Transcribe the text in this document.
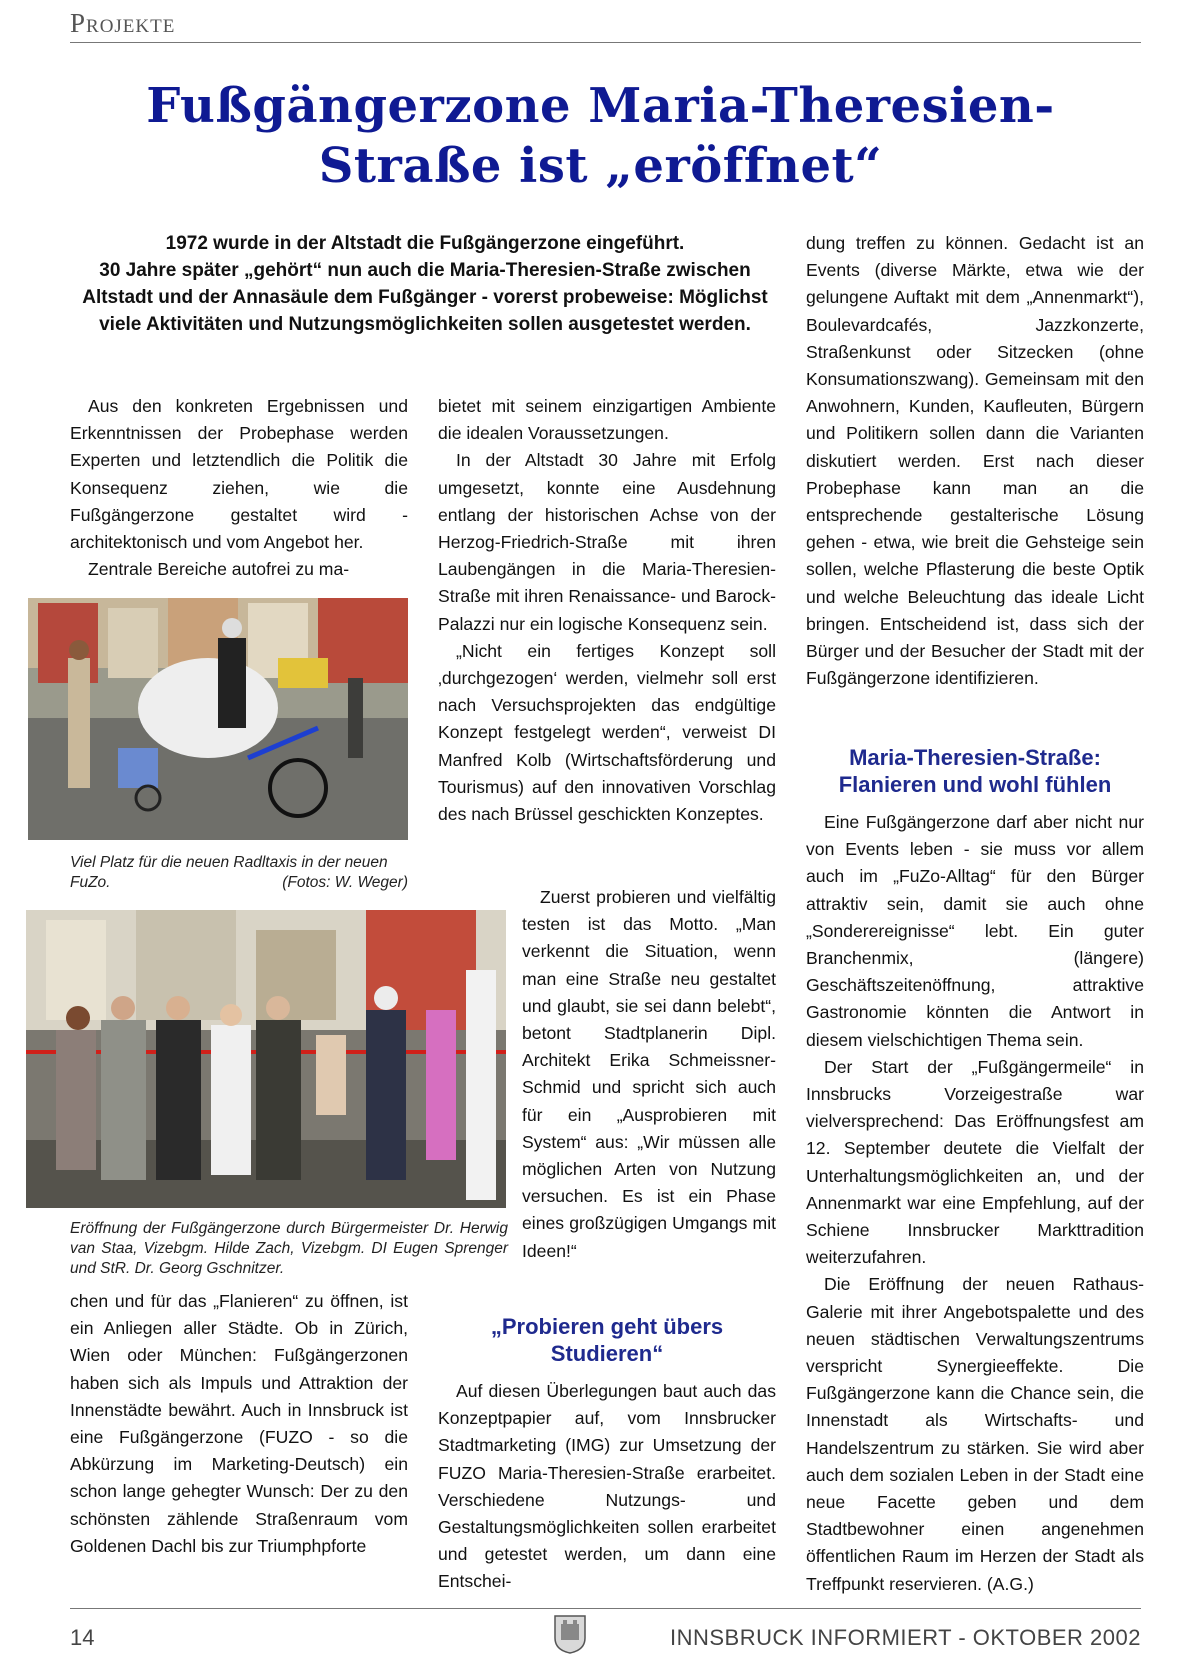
Projekte
Fußgängerzone Maria-Theresien-Straße ist „eröffnet“
1972 wurde in der Altstadt die Fußgängerzone eingeführt.
30 Jahre später „gehört“ nun auch die Maria-Theresien-Straße zwischen Altstadt und der Annasäule dem Fußgänger - vorerst probeweise: Möglichst viele Aktivitäten und Nutzungsmöglichkeiten sollen ausgetestet werden.

Aus den konkreten Ergebnissen und Erkenntnissen der Probephase werden Experten und letztendlich die Politik die Konsequenz ziehen, wie die Fußgängerzone gestaltet wird - architektonisch und vom Angebot her.

Zentrale Bereiche autofrei zu ma-

Viel Platz für die neuen Radltaxis in der neuen FuZo.	(Fotos: W. Weger)
Eröffnung der Fußgängerzone durch Bürgermeister Dr. Herwig van Staa, Vizebgm. Hilde Zach, Vizebgm. DI Eugen Sprenger und StR. Dr. Georg Gschnitzer.

chen und für das „Flanieren“ zu öffnen, ist ein Anliegen aller Städte. Ob in Zürich, Wien oder München: Fußgängerzonen haben sich als Impuls und Attraktion der Innenstädte bewährt. Auch in Innsbruck ist eine Fußgängerzone (FUZO - so die Abkürzung im Marketing-Deutsch) ein schon lange gehegter Wunsch: Der zu den schönsten zählende Straßenraum vom Goldenen Dachl bis zur Triumphpforte

bietet mit seinem einzigartigen Ambiente die idealen Voraussetzungen.

In der Altstadt 30 Jahre mit Erfolg umgesetzt, konnte eine Ausdehnung entlang der historischen Achse von der Herzog-Friedrich-Straße mit ihren Laubengängen in die Maria-Theresien-Straße mit ihren Renaissance- und Barock-Palazzi nur ein logische Konsequenz sein.

„Nicht ein fertiges Konzept soll ‚durchgezogen‘ werden, vielmehr soll erst nach Versuchsprojekten das endgültige Konzept festgelegt werden“, verweist DI Manfred Kolb (Wirtschaftsförderung und Tourismus) auf den innovativen Vorschlag des nach Brüssel geschickten Konzeptes.

Zuerst probieren und vielfältig testen ist das Motto. „Man verkennt die Situation, wenn man eine Straße neu gestaltet und glaubt, sie sei dann belebt“, betont Stadtplanerin Dipl. Architekt Erika Schmeissner-Schmid und spricht sich auch für ein „Ausprobieren mit System“ aus: „Wir müssen alle möglichen Arten von Nutzung versuchen. Es ist ein Phase eines großzügigen Umgangs mit Ideen!“

„Probieren geht übers Studieren“

Auf diesen Überlegungen baut auch das Konzeptpapier auf, vom Innsbrucker Stadtmarketing (IMG) zur Umsetzung der FUZO Maria-Theresien-Straße erarbeitet. Verschiedene Nutzungs- und Gestaltungsmöglichkeiten sollen erarbeitet und getestet werden, um dann eine Entschei-

dung treffen zu können. Gedacht ist an Events (diverse Märkte, etwa wie der gelungene Auftakt mit dem „Annenmarkt“), Boulevardcafés, Jazzkonzerte, Straßenkunst oder Sitzecken (ohne Konsumationszwang). Gemeinsam mit den Anwohnern, Kunden, Kaufleuten, Bürgern und Politikern sollen dann die Varianten diskutiert werden. Erst nach dieser Probephase kann man an die entsprechende gestalterische Lösung gehen - etwa, wie breit die Gehsteige sein sollen, welche Pflasterung die beste Optik und welche Beleuchtung das ideale Licht bringen. Entscheidend ist, dass sich der Bürger und der Besucher der Stadt mit der Fußgängerzone identifizieren.

Maria-Theresien-Straße: Flanieren und wohl fühlen

Eine Fußgängerzone darf aber nicht nur von Events leben - sie muss vor allem auch im „FuZo-Alltag“ für den Bürger attraktiv sein, damit sie auch ohne „Sonderereignisse“ lebt. Ein guter Branchenmix, (längere) Geschäftszeitenöffnung, attraktive Gastronomie könnten die Antwort in diesem vielschichtigen Thema sein.

Der Start der „Fußgängermeile“ in Innsbrucks Vorzeigestraße war vielversprechend: Das Eröffnungsfest am 12. September deutete die Vielfalt der Unterhaltungsmöglichkeiten an, und der Annenmarkt war eine Empfehlung, auf der Schiene Innsbrucker Markttradition weiterzufahren.

Die Eröffnung der neuen Rathaus-Galerie mit ihrer Angebotspalette und des neuen städtischen Verwaltungszentrums verspricht Synergieeffekte. Die Fußgängerzone kann die Chance sein, die Innenstadt als Wirtschafts- und Handelszentrum zu stärken. Sie wird aber auch dem sozialen Leben in der Stadt eine neue Facette geben und dem Stadtbewohner einen angenehmen öffentlichen Raum im Herzen der Stadt als Treffpunkt reservieren. (A.G.)

14	INNSBRUCK INFORMIERT - OKTOBER 2002
